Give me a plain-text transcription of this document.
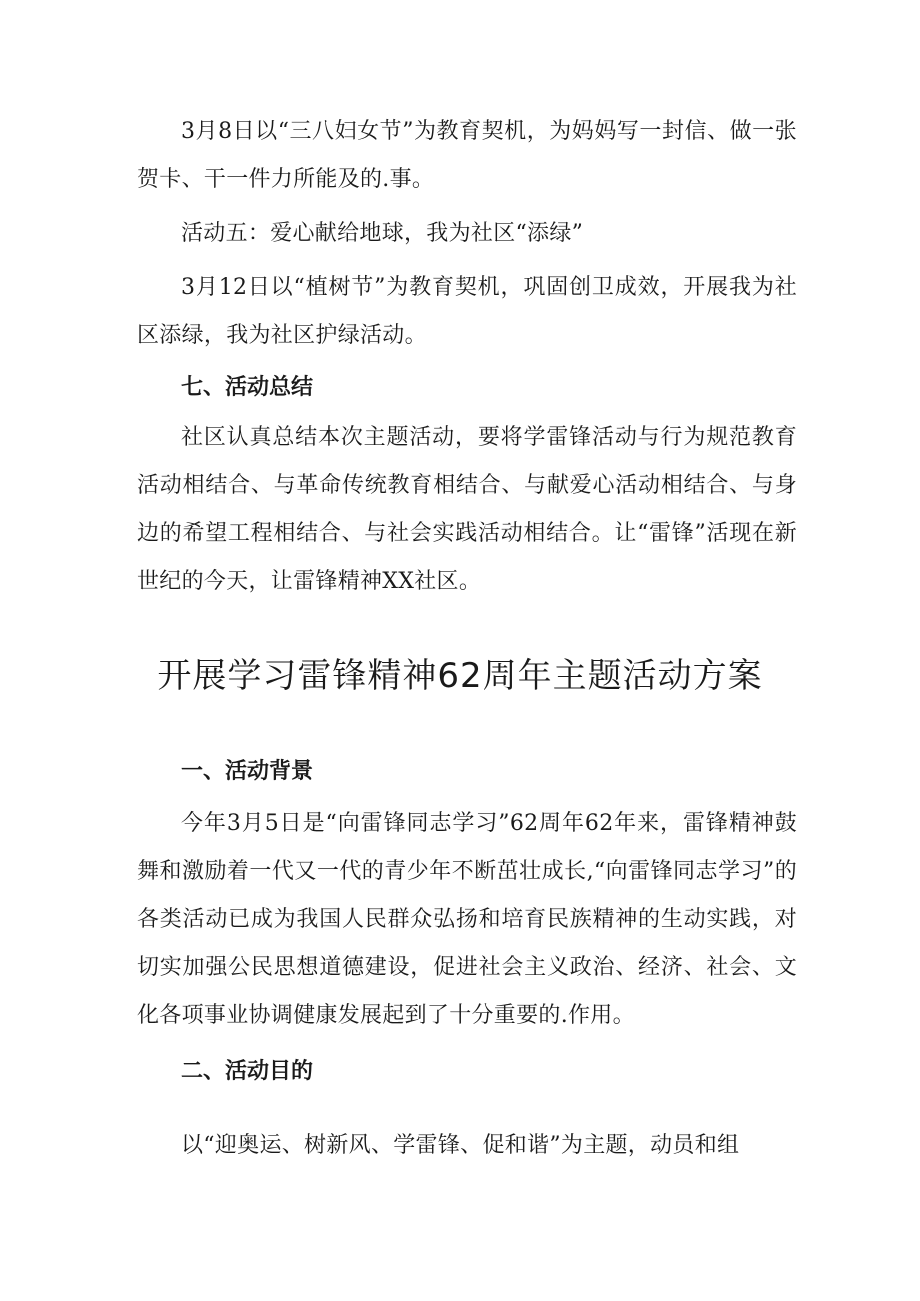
3月8日以“三八妇女节”为教育契机，为妈妈写一封信、做一张贺卡、干一件力所能及的.事。

活动五：爱心献给地球，我为社区“添绿”

3月12日以“植树节”为教育契机，巩固创卫成效，开展我为社区添绿，我为社区护绿活动。

七、活动总结

社区认真总结本次主题活动，要将学雷锋活动与行为规范教育活动相结合、与革命传统教育相结合、与献爱心活动相结合、与身边的希望工程相结合、与社会实践活动相结合。让“雷锋”活现在新世纪的今天，让雷锋精神XX社区。

开展学习雷锋精神62周年主题活动方案

一、活动背景

今年3月5日是“向雷锋同志学习”62周年62年来，雷锋精神鼓舞和激励着一代又一代的青少年不断茁壮成长,“向雷锋同志学习”的各类活动已成为我国人民群众弘扬和培育民族精神的生动实践，对切实加强公民思想道德建设，促进社会主义政治、经济、社会、文化各项事业协调健康发展起到了十分重要的.作用。

二、活动目的

以“迎奥运、树新风、学雷锋、促和谐”为主题，动员和组
